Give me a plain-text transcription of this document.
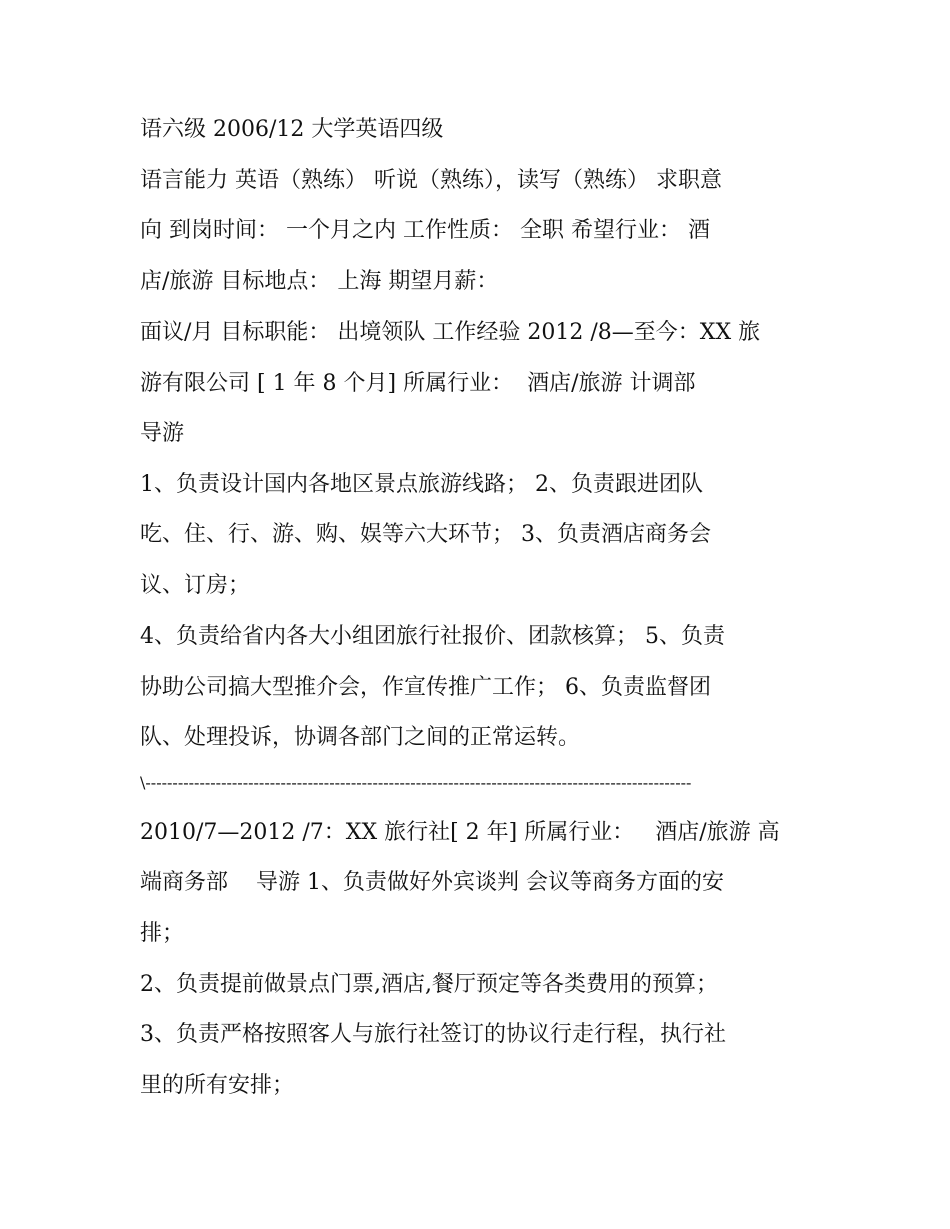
语六级 2006/12 大学英语四级
语言能力 英语（熟练） 听说（熟练），读写（熟练） 求职意
向 到岗时间： 一个月之内 工作性质： 全职 希望行业： 酒
店/旅游 目标地点： 上海 期望月薪：
面议/月 目标职能： 出境领队 工作经验 2012 /8—至今：XX 旅
游有限公司 [ 1 年 8 个月] 所属行业：  酒店/旅游 计调部
导游
1、负责设计国内各地区景点旅游线路； 2、负责跟进团队
吃、住、行、游、购、娱等六大环节； 3、负责酒店商务会
议、订房；
4、负责给省内各大小组团旅行社报价、团款核算； 5、负责
协助公司搞大型推介会，作宣传推广工作； 6、负责监督团
队、处理投诉，协调各部门之间的正常运转。
\-----------------------------------------------------------------------------------------------------
2010/7—2012 /7：XX 旅行社[ 2 年] 所属行业：   酒店/旅游 高
端商务部    导游 1、负责做好外宾谈判 会议等商务方面的安
排；
2、负责提前做景点门票,酒店,餐厅预定等各类费用的预算；
3、负责严格按照客人与旅行社签订的协议行走行程，执行社
里的所有安排；
